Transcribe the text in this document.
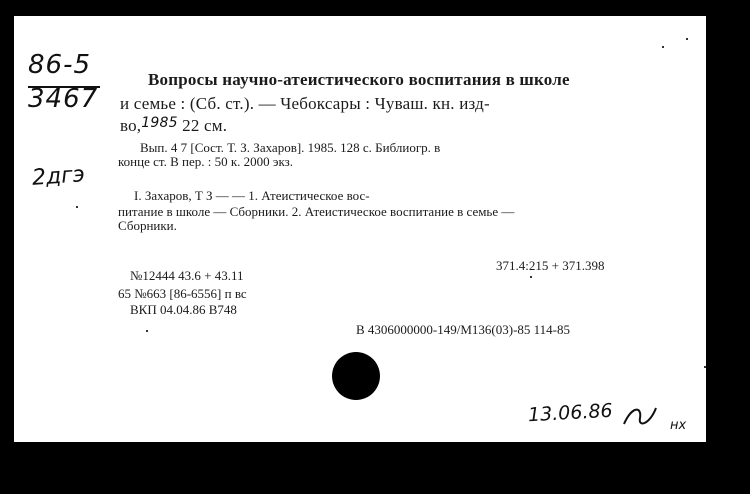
86-5
3467
2дгэ
Вопросы научно-атеистического воспитания в школе
и семье : (Сб. ст.). — Чебоксары : Чуваш. кн. изд-
во,$^{1985}$ 22 см.
Вып. 4 7 [Сост. Т. З. Захаров]. 1985. 128 с. Библиогр. в
конце ст. В пер. : 50 к. 2000 экз.
I. Захаров, Т З — — 1. Атеистическое вос-
питание в школе — Сборники. 2. Атеистическое воспитание в семье —
Сборники.
371.4:215 + 371.398
№12444 43.6 + 43.11
65 №663 [86-6556] п вс
ВКП 04.04.86 В748
В 4306000000-149/М136(03)-85 114-85
13.06.86	нх
